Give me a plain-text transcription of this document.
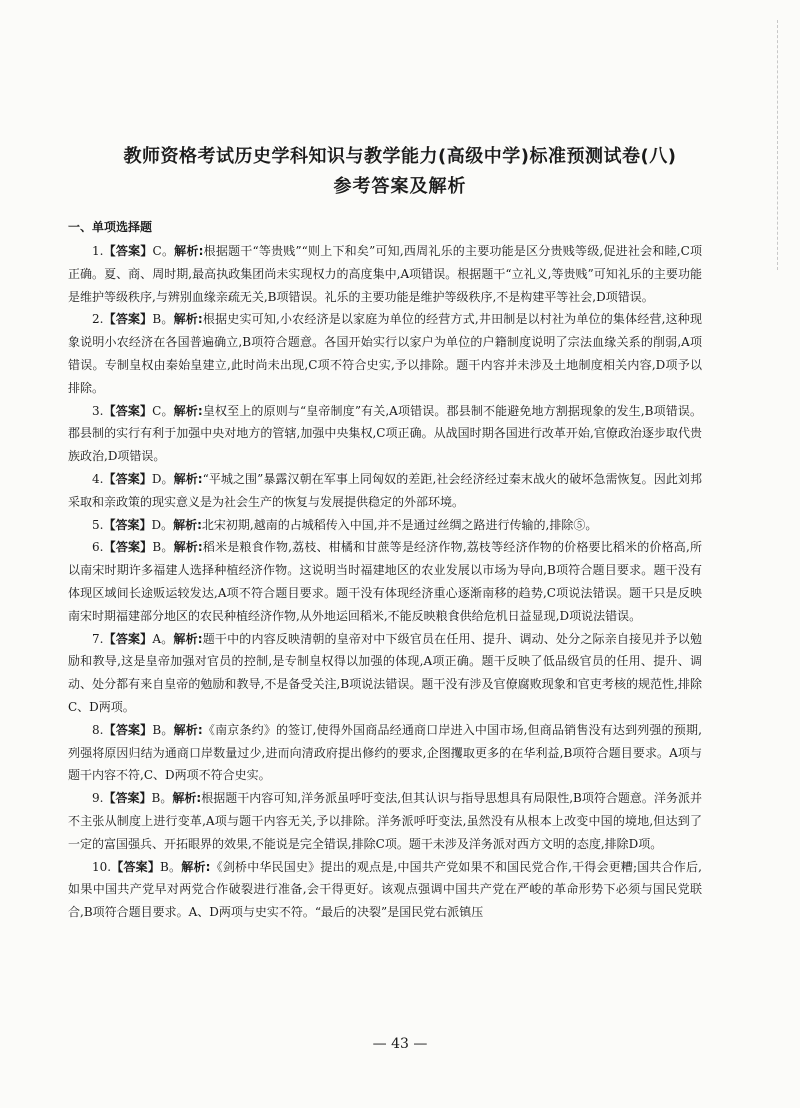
教师资格考试历史学科知识与教学能力(高级中学)标准预测试卷(八)
参考答案及解析
一、单项选择题

1.【答案】C。解析:根据题干“等贵贱”“则上下和矣”可知,西周礼乐的主要功能是区分贵贱等级,促进社会和睦,C项正确。夏、商、周时期,最高执政集团尚未实现权力的高度集中,A项错误。根据题干“立礼义,等贵贱”可知礼乐的主要功能是维护等级秩序,与辨别血缘亲疏无关,B项错误。礼乐的主要功能是维护等级秩序,不是构建平等社会,D项错误。

2.【答案】B。解析:根据史实可知,小农经济是以家庭为单位的经营方式,井田制是以村社为单位的集体经营,这种现象说明小农经济在各国普遍确立,B项符合题意。各国开始实行以家户为单位的户籍制度说明了宗法血缘关系的削弱,A项错误。专制皇权由秦始皇建立,此时尚未出现,C项不符合史实,予以排除。题干内容并未涉及土地制度相关内容,D项予以排除。

3.【答案】C。解析:皇权至上的原则与“皇帝制度”有关,A项错误。郡县制不能避免地方割据现象的发生,B项错误。郡县制的实行有利于加强中央对地方的管辖,加强中央集权,C项正确。从战国时期各国进行改革开始,官僚政治逐步取代贵族政治,D项错误。

4.【答案】D。解析:“平城之围”暴露汉朝在军事上同匈奴的差距,社会经济经过秦末战火的破坏急需恢复。因此刘邦采取和亲政策的现实意义是为社会生产的恢复与发展提供稳定的外部环境。

5.【答案】D。解析:北宋初期,越南的占城稻传入中国,并不是通过丝绸之路进行传输的,排除⑤。

6.【答案】B。解析:稻米是粮食作物,荔枝、柑橘和甘蔗等是经济作物,荔枝等经济作物的价格要比稻米的价格高,所以南宋时期许多福建人选择种植经济作物。这说明当时福建地区的农业发展以市场为导向,B项符合题目要求。题干没有体现区域间长途贩运较发达,A项不符合题目要求。题干没有体现经济重心逐渐南移的趋势,C项说法错误。题干只是反映南宋时期福建部分地区的农民种植经济作物,从外地运回稻米,不能反映粮食供给危机日益显现,D项说法错误。

7.【答案】A。解析:题干中的内容反映清朝的皇帝对中下级官员在任用、提升、调动、处分之际亲自接见并予以勉励和教导,这是皇帝加强对官员的控制,是专制皇权得以加强的体现,A项正确。题干反映了低品级官员的任用、提升、调动、处分都有来自皇帝的勉励和教导,不是备受关注,B项说法错误。题干没有涉及官僚腐败现象和官吏考核的规范性,排除C、D两项。

8.【答案】B。解析:《南京条约》的签订,使得外国商品经通商口岸进入中国市场,但商品销售没有达到列强的预期,列强将原因归结为通商口岸数量过少,进而向清政府提出修约的要求,企图攫取更多的在华利益,B项符合题目要求。A项与题干内容不符,C、D两项不符合史实。

9.【答案】B。解析:根据题干内容可知,洋务派虽呼吁变法,但其认识与指导思想具有局限性,B项符合题意。洋务派并不主张从制度上进行变革,A项与题干内容无关,予以排除。洋务派呼吁变法,虽然没有从根本上改变中国的境地,但达到了一定的富国强兵、开拓眼界的效果,不能说是完全错误,排除C项。题干未涉及洋务派对西方文明的态度,排除D项。

10.【答案】B。解析:《剑桥中华民国史》提出的观点是,中国共产党如果不和国民党合作,干得会更糟;国共合作后,如果中国共产党早对两党合作破裂进行准备,会干得更好。该观点强调中国共产党在严峻的革命形势下必须与国民党联合,B项符合题目要求。A、D两项与史实不符。“最后的决裂”是国民党右派镇压

— 43 —
